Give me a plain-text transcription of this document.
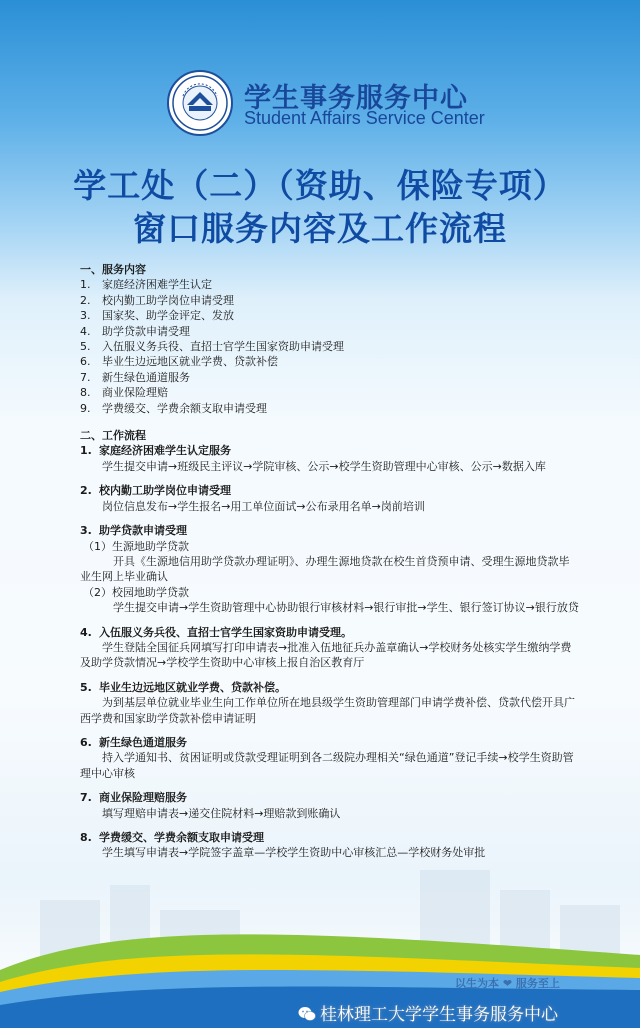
学生事务服务中心
Student Affairs Service Center
学工处（二）（资助、保险专项）
窗口服务内容及工作流程

一、服务内容

1.	家庭经济困难学生认定
2.	校内勤工助学岗位申请受理
3.	国家奖、助学金评定、发放
4.	助学贷款申请受理
5.	入伍服义务兵役、直招士官学生国家资助申请受理
6.	毕业生边远地区就业学费、贷款补偿
7.	新生绿色通道服务
8.	商业保险理赔
9.	学费缓交、学费余额支取申请受理

二、工作流程

1. 家庭经济困难学生认定服务
学生提交申请→班级民主评议→学院审核、公示→校学生资助管理中心审核、公示→数据入库
2. 校内勤工助学岗位申请受理
岗位信息发布→学生报名→用工单位面试→公布录用名单→岗前培训
3. 助学贷款申请受理
（1）生源地助学贷款
开具《生源地信用助学贷款办理证明》、办理生源地贷款在校生首贷预申请、受理生源地贷款毕业生网上毕业确认
（2）校园地助学贷款
学生提交申请→学生资助管理中心协助银行审核材料→银行审批→学生、银行签订协议→银行放贷
4. 入伍服义务兵役、直招士官学生国家资助申请受理。
学生登陆全国征兵网填写打印申请表→批准入伍地征兵办盖章确认→学校财务处核实学生缴纳学费及助学贷款情况→学校学生资助中心审核上报自治区教育厅
5. 毕业生边远地区就业学费、贷款补偿。
为到基层单位就业毕业生向工作单位所在地县级学生资助管理部门申请学费补偿、贷款代偿开具广西学费和国家助学贷款补偿申请证明
6. 新生绿色通道服务
持入学通知书、贫困证明或贷款受理证明到各二级院办理相关“绿色通道”登记手续→校学生资助管理中心审核
7. 商业保险理赔服务
填写理赔申请表→递交住院材料→理赔款到账确认
8. 学费缓交、学费余额支取申请受理
学生填写申请表→学院签字盖章—学校学生资助中心审核汇总—学校财务处审批
以生为本 ❤ 服务至上
桂林理工大学学生事务服务中心
